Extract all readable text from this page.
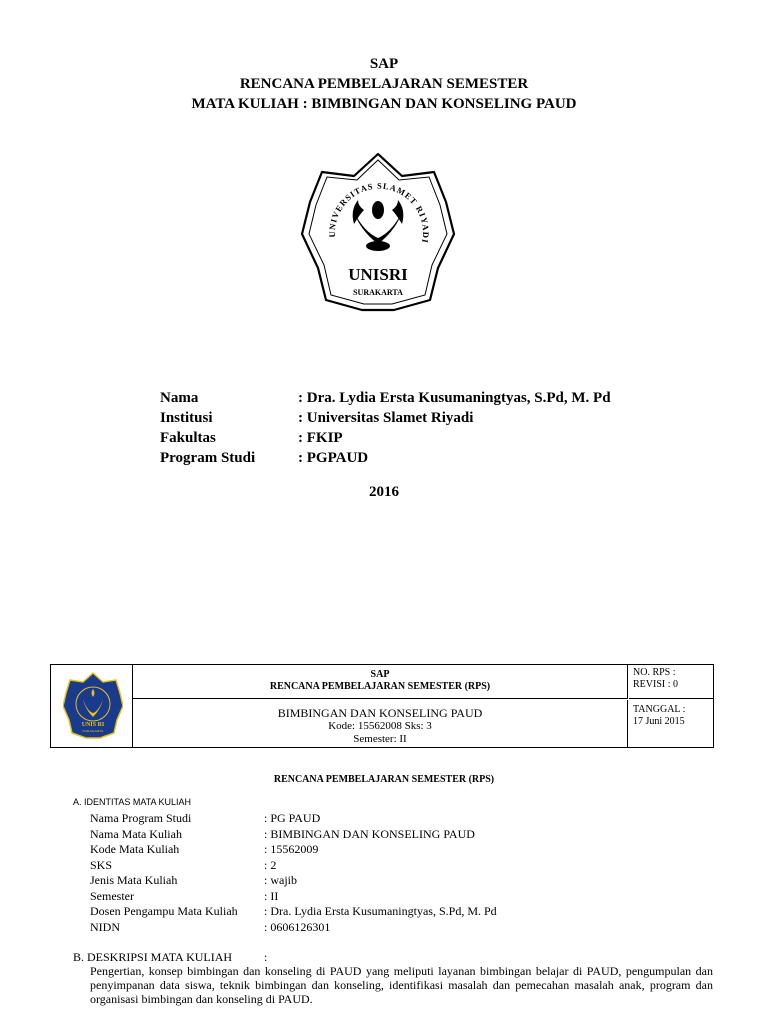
SAP
RENCANA PEMBELAJARAN SEMESTER
MATA KULIAH : BIMBINGAN DAN KONSELING PAUD
UNIVERSITAS SLAMET RIYADI
UNISRI
SURAKARTA
Nama	: Dra. Lydia Ersta Kusumaningtyas, S.Pd, M. Pd
Institusi	: Universitas Slamet Riyadi
Fakultas	: FKIP
Program Studi	: PGPAUD
2016
UNIS RI
SURAKARTA
SAP
RENCANA PEMBELAJARAN SEMESTER (RPS)
BIMBINGAN DAN KONSELING PAUD
Kode: 15562008 Sks: 3
Semester: II
NO. RPS :
REVISI : 0
TANGGAL :
17 Juni 2015
RENCANA PEMBELAJARAN SEMESTER (RPS)
A. IDENTITAS MATA KULIAH
Nama Program Studi	: PG PAUD
Nama Mata Kuliah	: BIMBINGAN DAN KONSELING PAUD
Kode Mata Kuliah	: 15562009
SKS	: 2
Jenis Mata Kuliah	: wajib
Semester	: II
Dosen Pengampu Mata Kuliah	: Dra. Lydia Ersta Kusumaningtyas, S.Pd, M. Pd
NIDN	: 0606126301
B. DESKRIPSI MATA KULIAH	:
Pengertian, konsep bimbingan dan konseling di PAUD yang meliputi layanan bimbingan belajar di PAUD, pengumpulan dan penyimpanan data siswa, teknik bimbingan dan konseling, identifikasi masalah dan pemecahan masalah anak, program dan organisasi bimbingan dan konseling di PAUD.
